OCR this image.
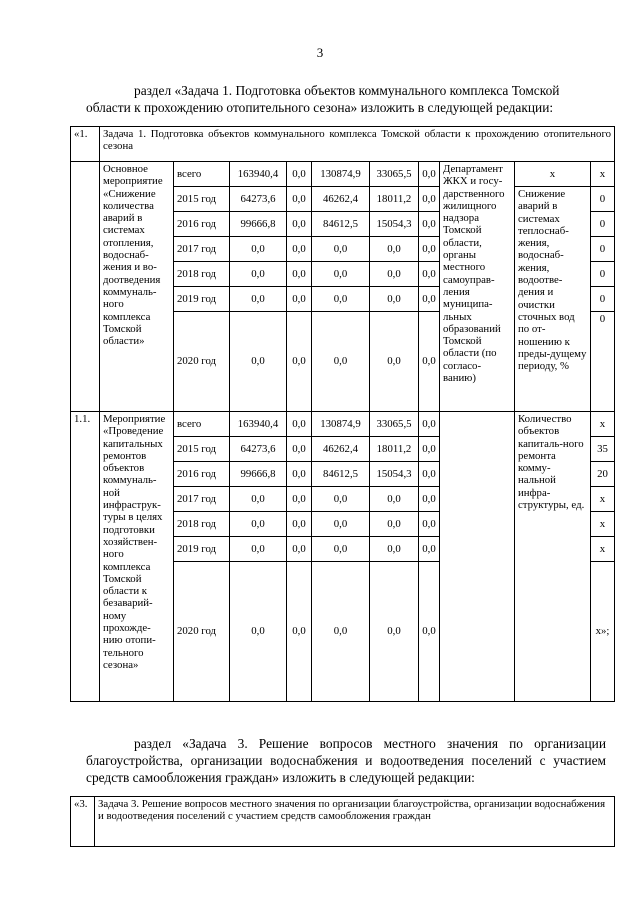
3
раздел «Задача 1. Подготовка объектов коммунального комплекса Томской области к прохождению отопительного сезона» изложить в следующей редакции:
«1.	Задача 1. Подготовка объектов коммунального комплекса Томской области к прохождению отопительного сезона									
	Основное мероприятие «Снижение количества аварий в системах отопления, водоснаб-жения и во-доотведения коммуналь-ного комплекса Томской области»	всего	163940,4	0,0	130874,9	33065,5	0,0	Департамент ЖКХ и госу-дарственного жилищного надзора Томской области, органы местного самоуправ-ления муниципа-льных образований Томской области (по согласо-ванию)	х	х
		2015 год	64273,6	0,0	46262,4	18011,2	0,0		Снижение аварий в системах теплоснаб-жения, водоснаб-жения, водоотве-дения и очистки сточных вод по от-ношению к преды-дущему периоду, %	0
		2016 год	99666,8	0,0	84612,5	15054,3	0,0			0
		2017 год	0,0	0,0	0,0	0,0	0,0			0
		2018 год	0,0	0,0	0,0	0,0	0,0			0
		2019 год	0,0	0,0	0,0	0,0	0,0			0
		2020 год	0,0	0,0	0,0	0,0	0,0			0
1.1.	Мероприятие «Проведение капитальных ремонтов объектов коммуналь-ной инфраструк-туры в целях подготовки хозяйствен-ного комплекса Томской области к безаварий-ному прохожде-нию отопи-тельного сезона»	всего	163940,4	0,0	130874,9	33065,5	0,0		Количество объектов капиталь-ного ремонта комму-нальной инфра-структуры, ед.	х
		2015 год	64273,6	0,0	46262,4	18011,2	0,0			35
		2016 год	99666,8	0,0	84612,5	15054,3	0,0			20
		2017 год	0,0	0,0	0,0	0,0	0,0			х
		2018 год	0,0	0,0	0,0	0,0	0,0			х
		2019 год	0,0	0,0	0,0	0,0	0,0			х
		2020 год	0,0	0,0	0,0	0,0	0,0			х»;
раздел «Задача 3. Решение вопросов местного значения по организации благоустройства, организации водоснабжения и водоотведения поселений с участием средств самообложения граждан» изложить в следующей редакции:
«3.	Задача 3. Решение вопросов местного значения по организации благоустройства, организации водоснабжения и водоотведения поселений с участием средств самообложения граждан
